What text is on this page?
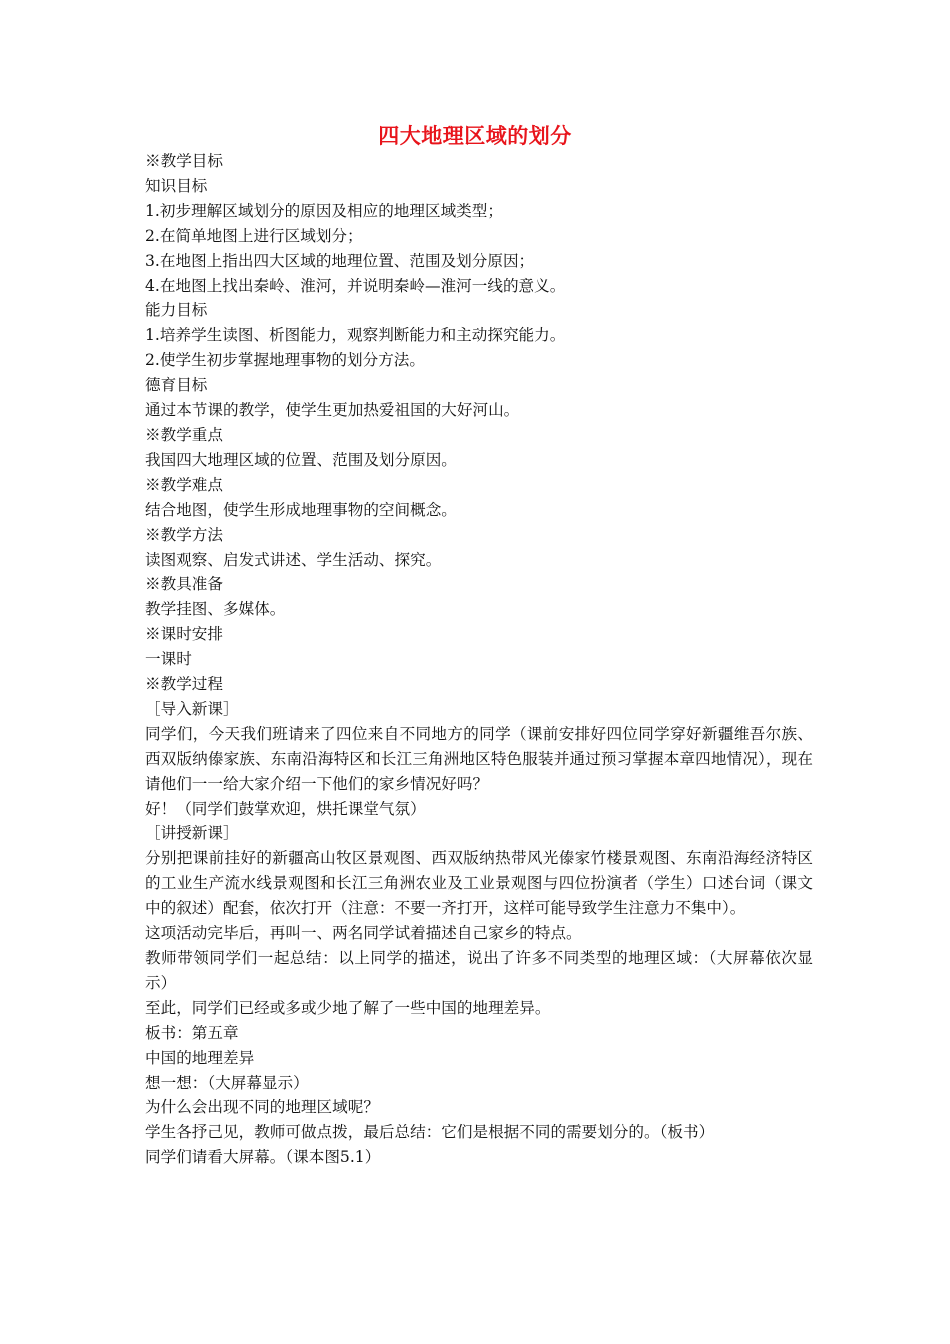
四大地理区域的划分

※教学目标

知识目标

1.初步理解区域划分的原因及相应的地理区域类型；

2.在简单地图上进行区域划分；

3.在地图上指出四大区域的地理位置、范围及划分原因；

4.在地图上找出秦岭、淮河，并说明秦岭—淮河一线的意义。

能力目标

1.培养学生读图、析图能力，观察判断能力和主动探究能力。

2.使学生初步掌握地理事物的划分方法。

德育目标

通过本节课的教学，使学生更加热爱祖国的大好河山。

※教学重点

我国四大地理区域的位置、范围及划分原因。

※教学难点

结合地图，使学生形成地理事物的空间概念。

※教学方法

读图观察、启发式讲述、学生活动、探究。

※教具准备

教学挂图、多媒体。

※课时安排

一课时

※教学过程

［导入新课］

同学们，今天我们班请来了四位来自不同地方的同学（课前安排好四位同学穿好新疆维吾尔族、西双版纳傣家族、东南沿海特区和长江三角洲地区特色服装并通过预习掌握本章四地情况），现在请他们一一给大家介绍一下他们的家乡情况好吗？

好！（同学们鼓掌欢迎，烘托课堂气氛）

［讲授新课］

分别把课前挂好的新疆高山牧区景观图、西双版纳热带风光傣家竹楼景观图、东南沿海经济特区的工业生产流水线景观图和长江三角洲农业及工业景观图与四位扮演者（学生）口述台词（课文中的叙述）配套，依次打开（注意：不要一齐打开，这样可能导致学生注意力不集中）。

这项活动完毕后，再叫一、两名同学试着描述自己家乡的特点。

教师带领同学们一起总结：以上同学的描述，说出了许多不同类型的地理区域：（大屏幕依次显示）

至此，同学们已经或多或少地了解了一些中国的地理差异。

板书：第五章

中国的地理差异

想一想：（大屏幕显示）

为什么会出现不同的地理区域呢？

学生各抒己见，教师可做点拨，最后总结：它们是根据不同的需要划分的。（板书）

同学们请看大屏幕。（课本图5.1）
